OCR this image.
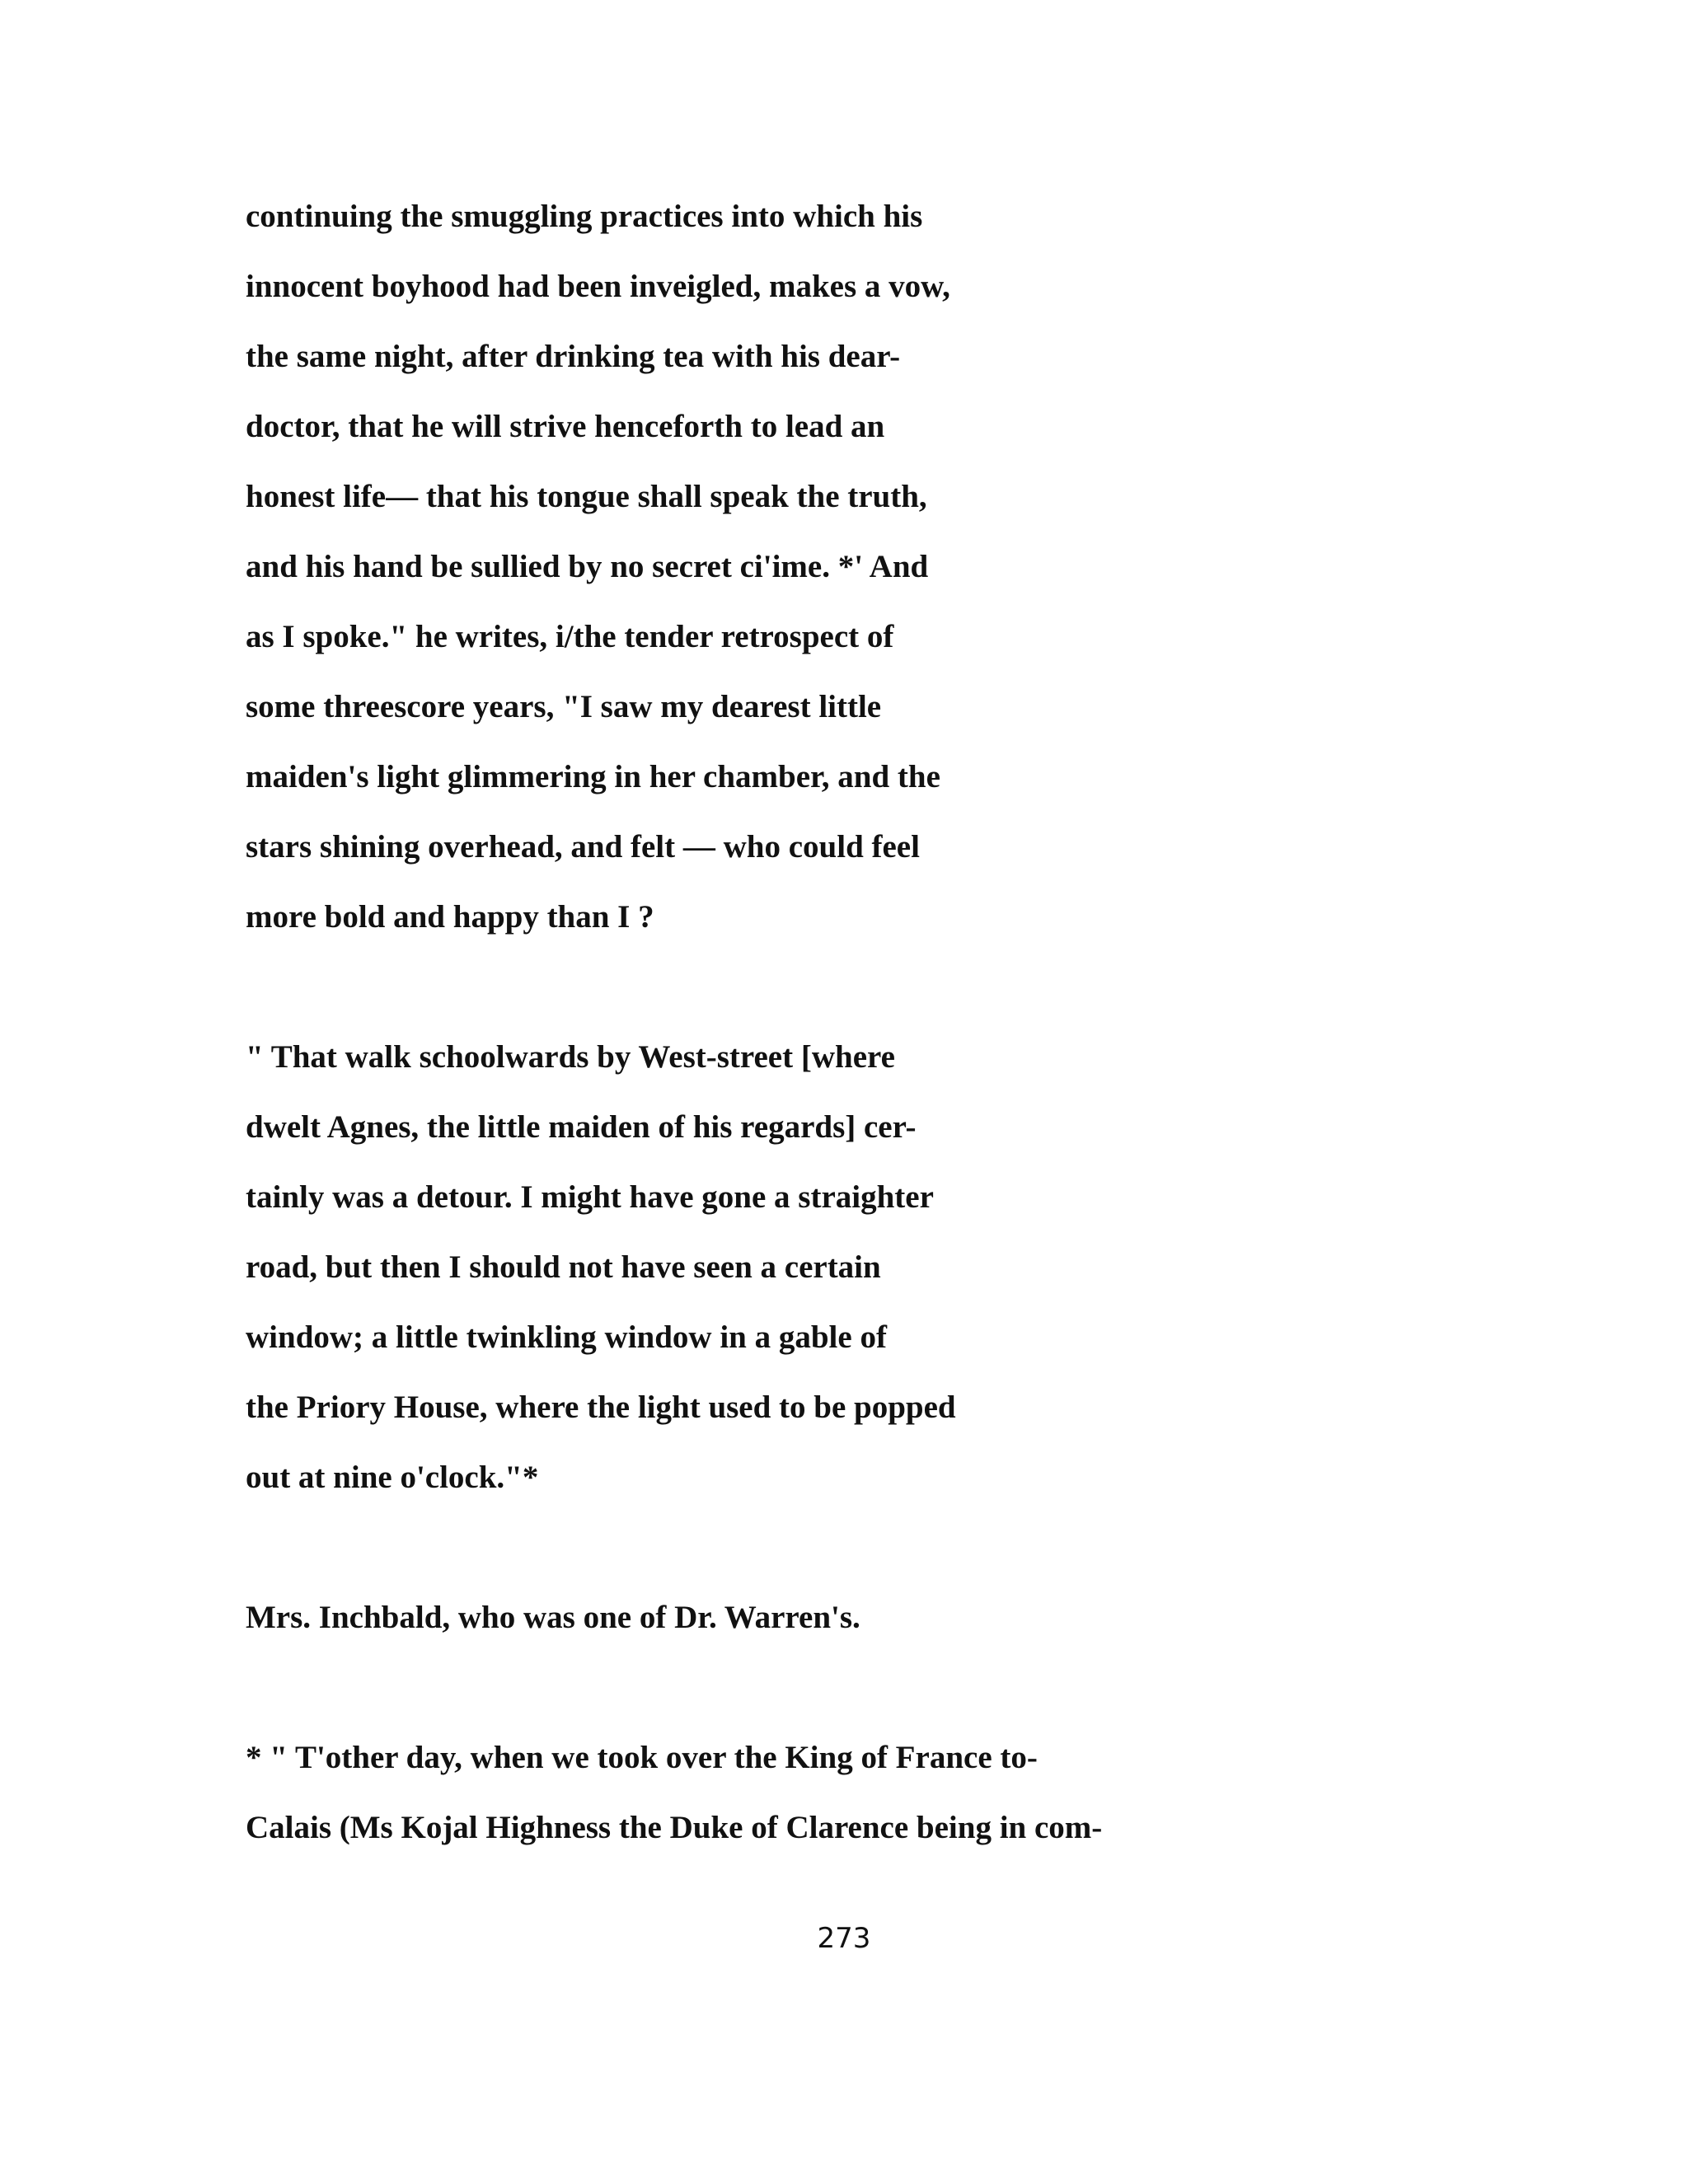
continuing the smuggling practices into which his
innocent boyhood had been inveigled, makes a vow,
the same night, after drinking tea with his dear-
doctor, that he will strive henceforth to lead an
honest life— that his tongue shall speak the truth,
and his hand be sullied by no secret ci'ime. *' And
as I spoke." he writes, i/the tender retrospect of
some threescore years, "I saw my dearest little
maiden's light glimmering in her chamber, and the
stars shining overhead, and felt — who could feel
more bold and happy than I ?
" That walk schoolwards by West-street [where
dwelt Agnes, the little maiden of his regards] cer-
tainly was a detour. I might have gone a straighter
road, but then I should not have seen a certain
window; a little twinkling window in a gable of
the Priory House, where the light used to be popped
out at nine o'clock."*
Mrs. Inchbald, who was one of Dr. Warren's.
* " T'other day, when we took over the King of France to-
Calais (Ms Kojal Highness the Duke of Clarence being in com-
273
